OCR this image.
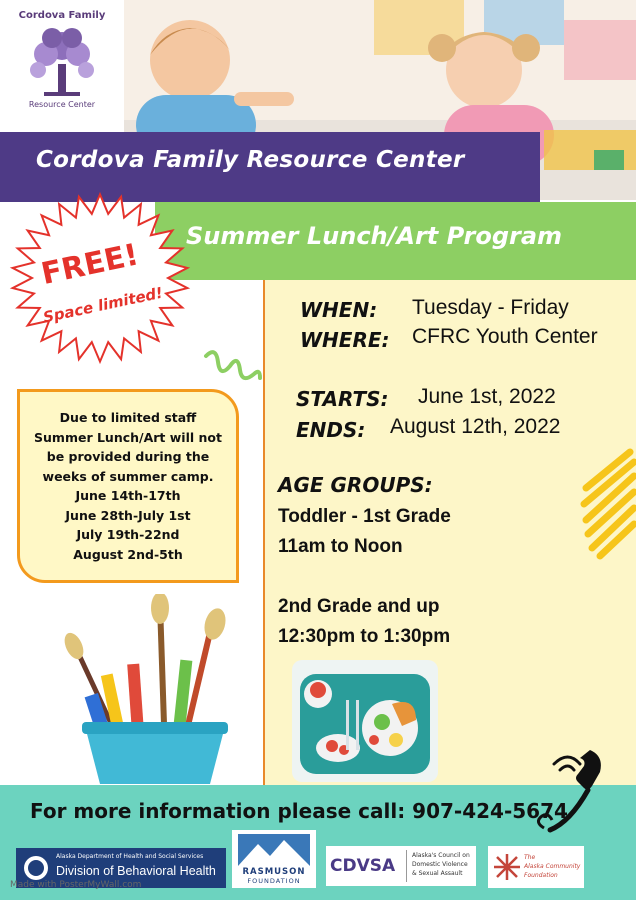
Cordova Family
Resource Center
Cordova Family Resource Center
Summer Lunch/Art Program
FREE!
Space limited!	WHEN: Tuesday - Friday
WHERE: CFRC Youth Center
STARTS: June 1st, 2022
ENDS: August 12th, 2022
AGE GROUPS:
Toddler - 1st Grade
11am to Noon
2nd Grade and up
12:30pm to 1:30pm
Due to limited staff
Summer Lunch/Art will not
be provided during the
weeks of summer camp.
June 14th-17th
June 28th-July 1st
July 19th-22nd
August 2nd-5th
For more information please call: 907-424-5674
Alaska Department of Health and Social Services
Division of Behavioral Health	RASMUSON
FOUNDATION
CDVSA
Alaska's Council on
Domestic Violence
& Sexual Assault
The
Alaska Community
Foundation
Made with PosterMyWall.com
